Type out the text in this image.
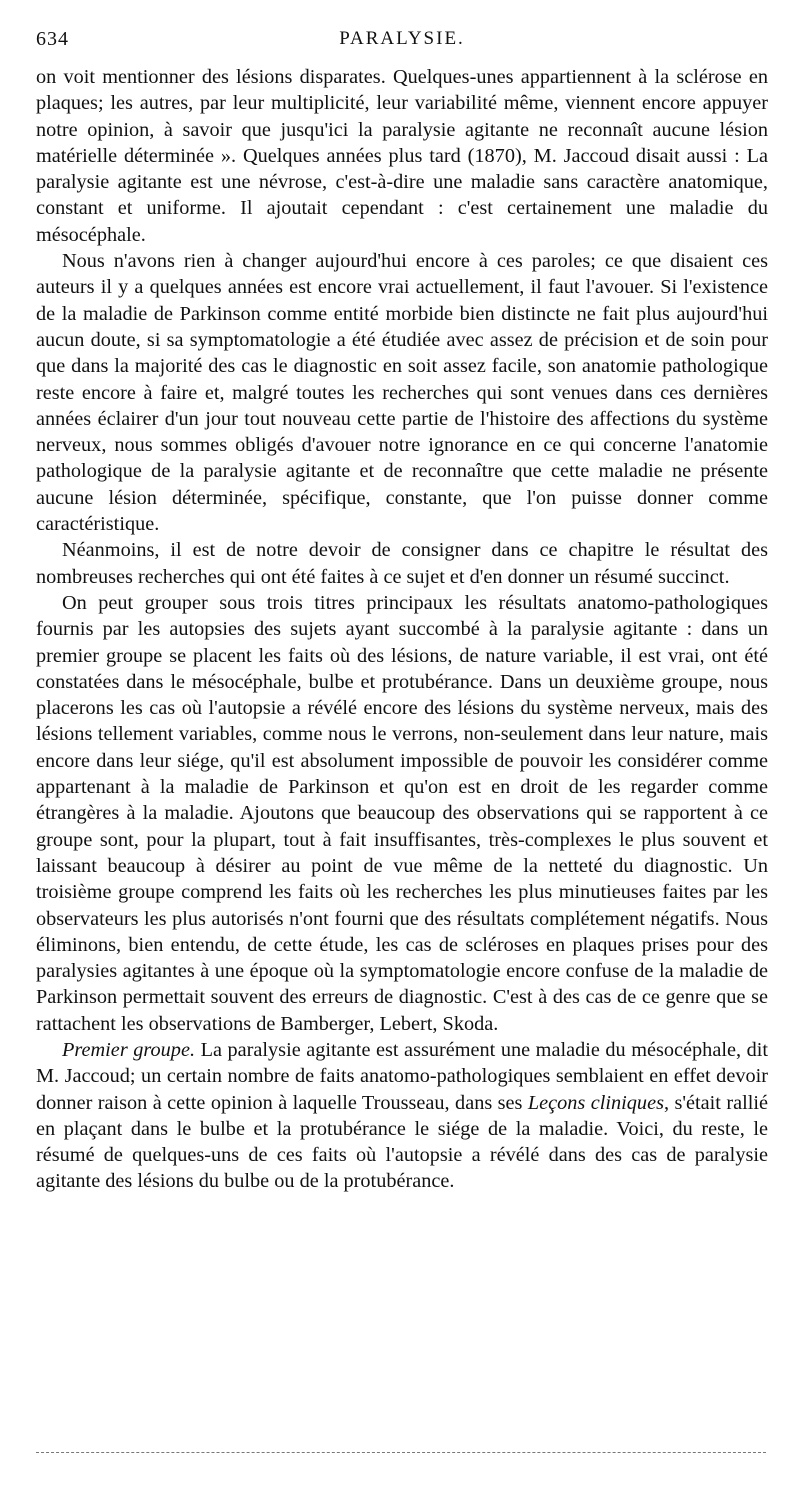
634	PARALYSIE.

on voit mentionner des lésions disparates. Quelques-unes appartiennent à la sclérose en plaques; les autres, par leur multiplicité, leur variabilité même, viennent encore appuyer notre opinion, à savoir que jusqu'ici la paralysie agitante ne reconnaît aucune lésion matérielle déterminée ». Quelques années plus tard (1870), M. Jaccoud disait aussi : La paralysie agitante est une névrose, c'est-à-dire une maladie sans caractère anatomique, constant et uniforme. Il ajoutait cependant : c'est certainement une maladie du mésocéphale.

Nous n'avons rien à changer aujourd'hui encore à ces paroles; ce que disaient ces auteurs il y a quelques années est encore vrai actuellement, il faut l'avouer. Si l'existence de la maladie de Parkinson comme entité morbide bien distincte ne fait plus aujourd'hui aucun doute, si sa symptomatologie a été étudiée avec assez de précision et de soin pour que dans la majorité des cas le diagnostic en soit assez facile, son anatomie pathologique reste encore à faire et, malgré toutes les recherches qui sont venues dans ces dernières années éclairer d'un jour tout nouveau cette partie de l'histoire des affections du système nerveux, nous sommes obligés d'avouer notre ignorance en ce qui concerne l'anatomie pathologique de la paralysie agitante et de reconnaître que cette maladie ne présente aucune lésion déterminée, spécifique, constante, que l'on puisse donner comme caractéristique.

Néanmoins, il est de notre devoir de consigner dans ce chapitre le résultat des nombreuses recherches qui ont été faites à ce sujet et d'en donner un résumé succinct.

On peut grouper sous trois titres principaux les résultats anatomo-pathologiques fournis par les autopsies des sujets ayant succombé à la paralysie agitante : dans un premier groupe se placent les faits où des lésions, de nature variable, il est vrai, ont été constatées dans le mésocéphale, bulbe et protubérance. Dans un deuxième groupe, nous placerons les cas où l'autopsie a révélé encore des lésions du système nerveux, mais des lésions tellement variables, comme nous le verrons, non-seulement dans leur nature, mais encore dans leur siége, qu'il est absolument impossible de pouvoir les considérer comme appartenant à la maladie de Parkinson et qu'on est en droit de les regarder comme étrangères à la maladie. Ajoutons que beaucoup des observations qui se rapportent à ce groupe sont, pour la plupart, tout à fait insuffisantes, très-complexes le plus souvent et laissant beaucoup à désirer au point de vue même de la netteté du diagnostic. Un troisième groupe comprend les faits où les recherches les plus minutieuses faites par les observateurs les plus autorisés n'ont fourni que des résultats complétement négatifs. Nous éliminons, bien entendu, de cette étude, les cas de scléroses en plaques prises pour des paralysies agitantes à une époque où la symptomatologie encore confuse de la maladie de Parkinson permettait souvent des erreurs de diagnostic. C'est à des cas de ce genre que se rattachent les observations de Bamberger, Lebert, Skoda.

Premier groupe. La paralysie agitante est assurément une maladie du mésocéphale, dit M. Jaccoud; un certain nombre de faits anatomo-pathologiques semblaient en effet devoir donner raison à cette opinion à laquelle Trousseau, dans ses Leçons cliniques, s'était rallié en plaçant dans le bulbe et la protubérance le siége de la maladie. Voici, du reste, le résumé de quelques-uns de ces faits où l'autopsie a révélé dans des cas de paralysie agitante des lésions du bulbe ou de la protubérance.
